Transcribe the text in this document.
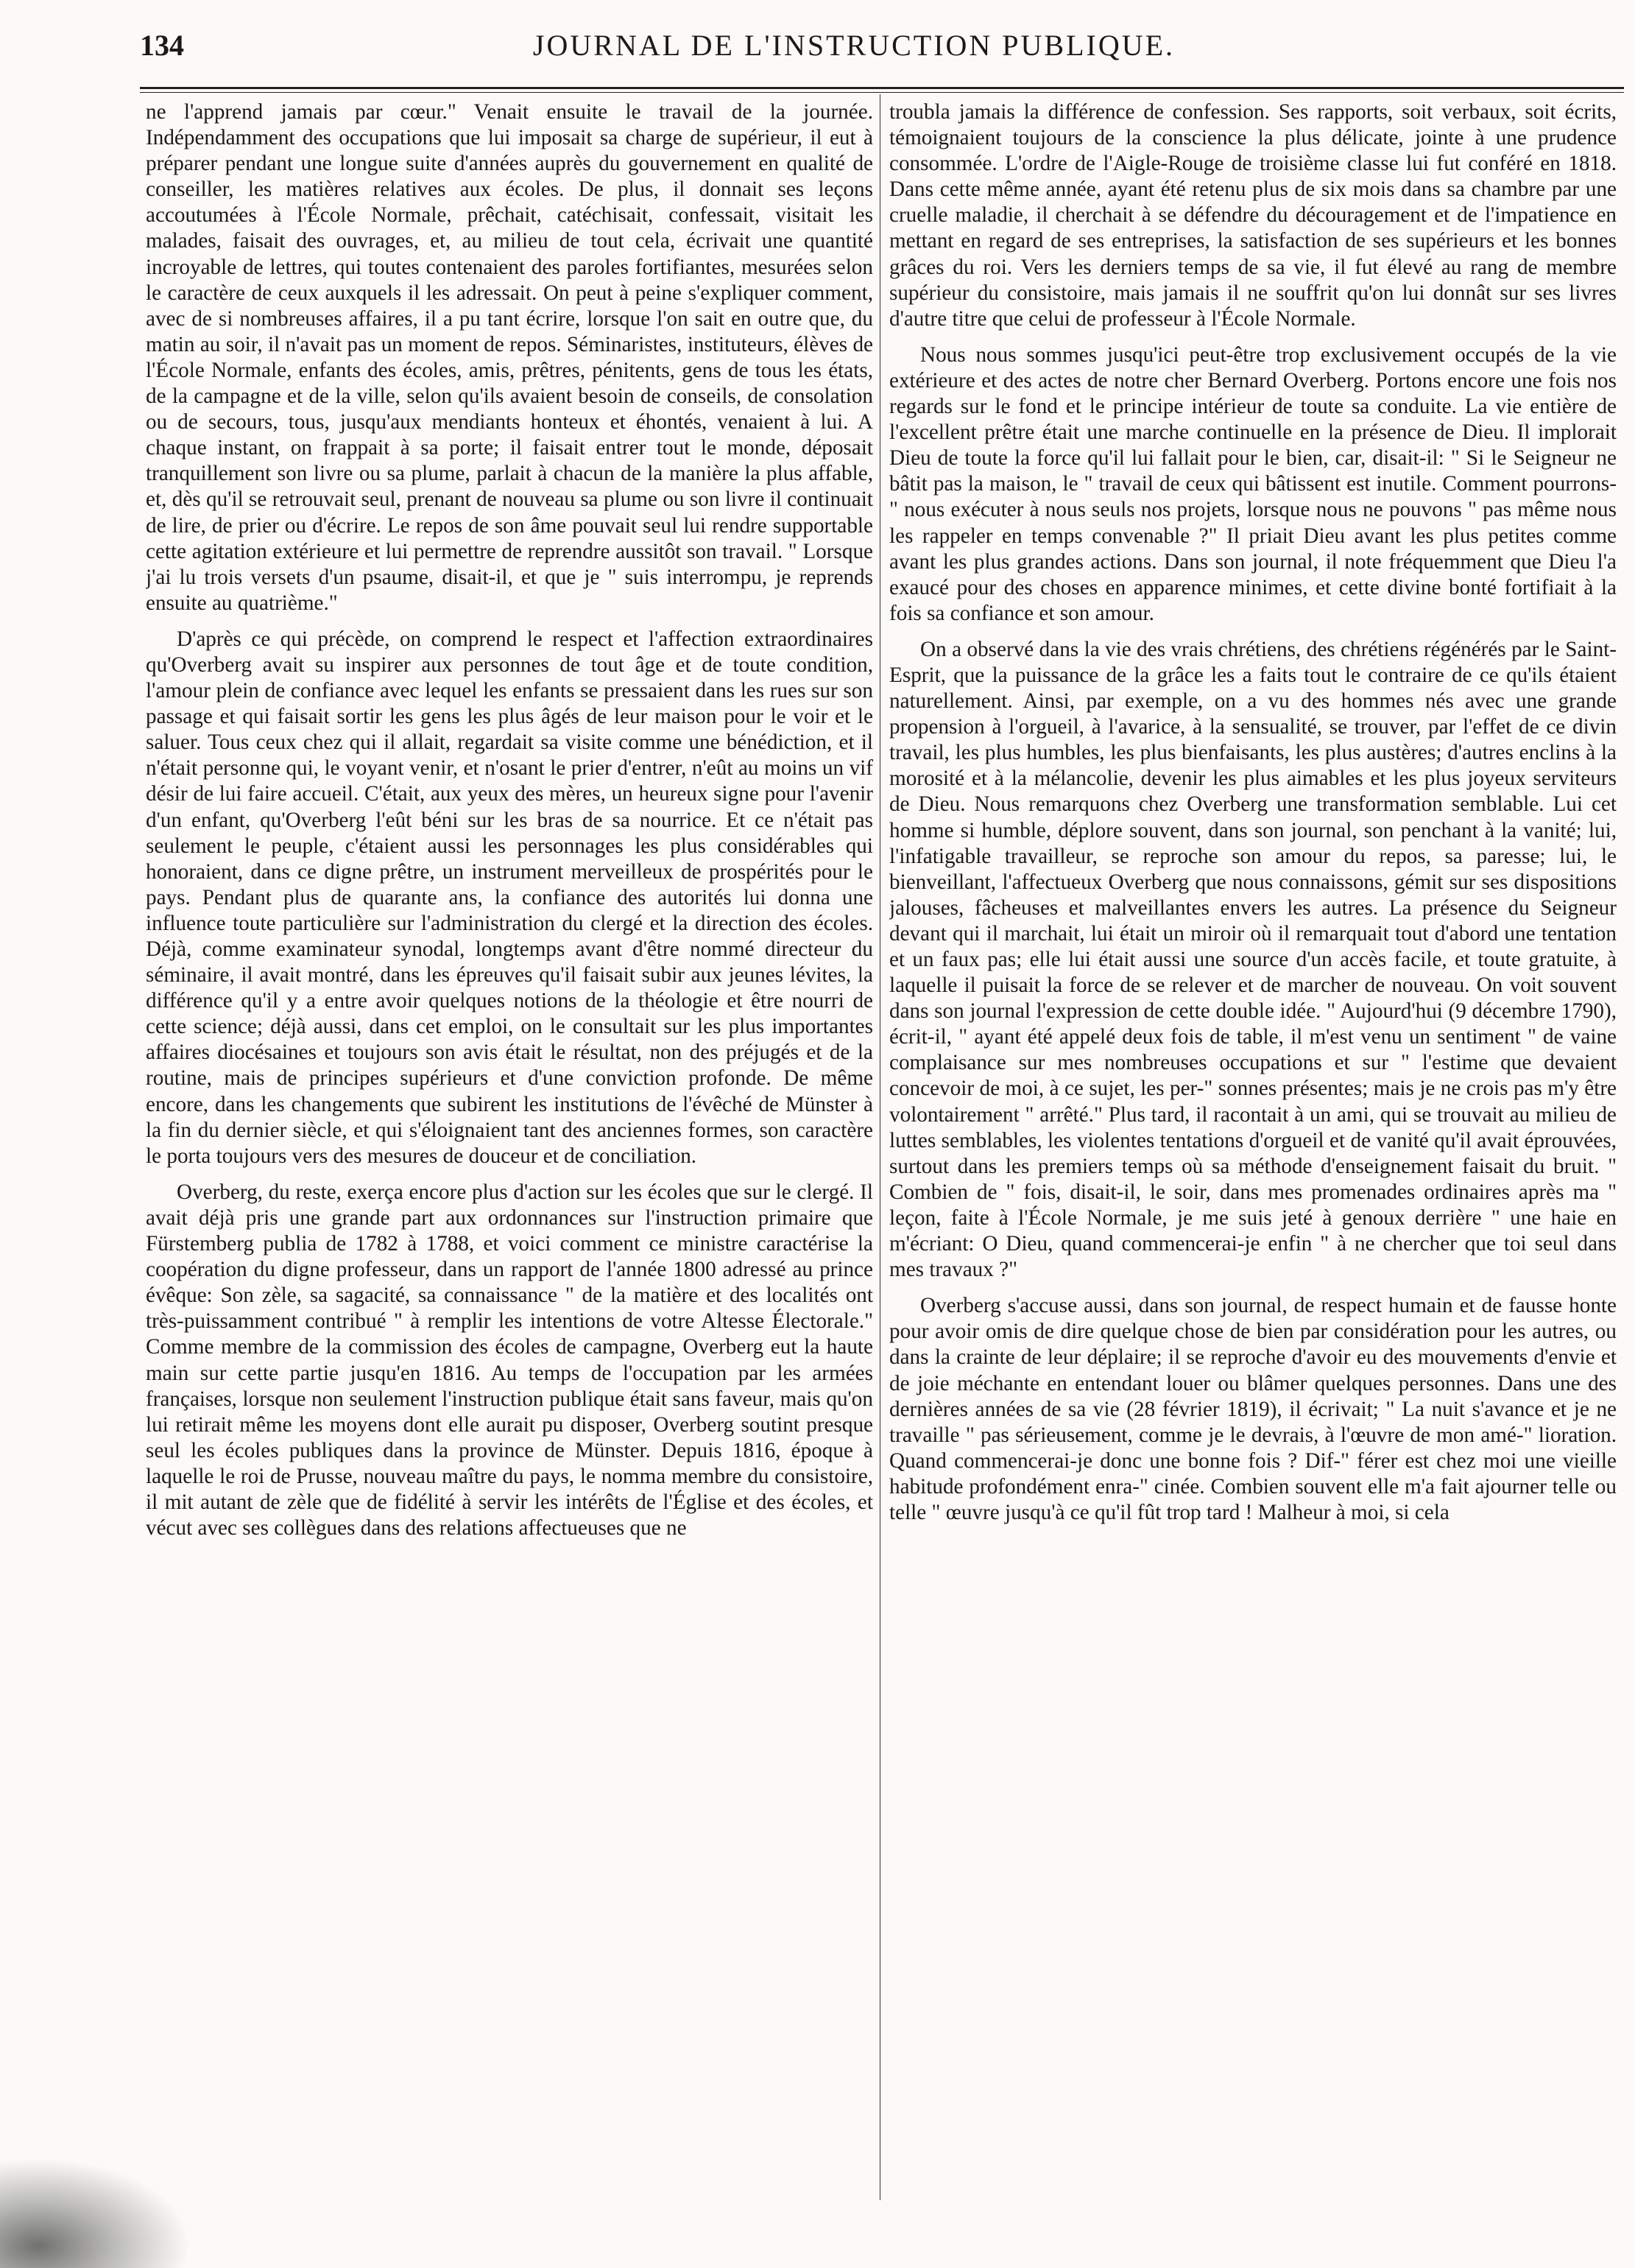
134	JOURNAL DE L'INSTRUCTION PUBLIQUE.

ne l'apprend jamais par cœur." Venait ensuite le travail de la journée. Indépendamment des occupations que lui imposait sa charge de supérieur, il eut à préparer pendant une longue suite d'années auprès du gouvernement en qualité de conseiller, les matières relatives aux écoles. De plus, il donnait ses leçons accoutumées à l'École Normale, prêchait, catéchisait, confessait, visitait les malades, faisait des ouvrages, et, au milieu de tout cela, écrivait une quantité incroyable de lettres, qui toutes contenaient des paroles fortifiantes, mesurées selon le caractère de ceux auxquels il les adressait. On peut à peine s'expliquer comment, avec de si nombreuses affaires, il a pu tant écrire, lorsque l'on sait en outre que, du matin au soir, il n'avait pas un moment de repos. Séminaristes, instituteurs, élèves de l'École Normale, enfants des écoles, amis, prêtres, pénitents, gens de tous les états, de la campagne et de la ville, selon qu'ils avaient besoin de conseils, de consolation ou de secours, tous, jusqu'aux mendiants honteux et éhontés, venaient à lui. A chaque instant, on frappait à sa porte; il faisait entrer tout le monde, déposait tranquillement son livre ou sa plume, parlait à chacun de la manière la plus affable, et, dès qu'il se retrouvait seul, prenant de nouveau sa plume ou son livre il continuait de lire, de prier ou d'écrire. Le repos de son âme pouvait seul lui rendre supportable cette agitation extérieure et lui permettre de reprendre aussitôt son travail. " Lorsque j'ai lu trois versets d'un psaume, disait-il, et que je " suis interrompu, je reprends ensuite au quatrième."

D'après ce qui précède, on comprend le respect et l'affection extraordinaires qu'Overberg avait su inspirer aux personnes de tout âge et de toute condition, l'amour plein de confiance avec lequel les enfants se pressaient dans les rues sur son passage et qui faisait sortir les gens les plus âgés de leur maison pour le voir et le saluer. Tous ceux chez qui il allait, regardait sa visite comme une bénédiction, et il n'était personne qui, le voyant venir, et n'osant le prier d'entrer, n'eût au moins un vif désir de lui faire accueil. C'était, aux yeux des mères, un heureux signe pour l'avenir d'un enfant, qu'Overberg l'eût béni sur les bras de sa nourrice. Et ce n'était pas seulement le peuple, c'étaient aussi les personnages les plus considérables qui honoraient, dans ce digne prêtre, un instrument merveilleux de prospérités pour le pays. Pendant plus de quarante ans, la confiance des autorités lui donna une influence toute particulière sur l'administration du clergé et la direction des écoles. Déjà, comme examinateur synodal, longtemps avant d'être nommé directeur du séminaire, il avait montré, dans les épreuves qu'il faisait subir aux jeunes lévites, la différence qu'il y a entre avoir quelques notions de la théologie et être nourri de cette science; déjà aussi, dans cet emploi, on le consultait sur les plus importantes affaires diocésaines et toujours son avis était le résultat, non des préjugés et de la routine, mais de principes supérieurs et d'une conviction profonde. De même encore, dans les changements que subirent les institutions de l'évêché de Münster à la fin du dernier siècle, et qui s'éloignaient tant des anciennes formes, son caractère le porta toujours vers des mesures de douceur et de conciliation.

Overberg, du reste, exerça encore plus d'action sur les écoles que sur le clergé. Il avait déjà pris une grande part aux ordonnances sur l'instruction primaire que Fürstemberg publia de 1782 à 1788, et voici comment ce ministre caractérise la coopération du digne professeur, dans un rapport de l'année 1800 adressé au prince évêque: Son zèle, sa sagacité, sa connaissance " de la matière et des localités ont très-puissamment contribué " à remplir les intentions de votre Altesse Électorale." Comme membre de la commission des écoles de campagne, Overberg eut la haute main sur cette partie jusqu'en 1816. Au temps de l'occupation par les armées françaises, lorsque non seulement l'instruction publique était sans faveur, mais qu'on lui retirait même les moyens dont elle aurait pu disposer, Overberg soutint presque seul les écoles publiques dans la province de Münster. Depuis 1816, époque à laquelle le roi de Prusse, nouveau maître du pays, le nomma membre du consistoire, il mit autant de zèle que de fidélité à servir les intérêts de l'Église et des écoles, et vécut avec ses collègues dans des relations affectueuses que ne

troubla jamais la différence de confession. Ses rapports, soit verbaux, soit écrits, témoignaient toujours de la conscience la plus délicate, jointe à une prudence consommée. L'ordre de l'Aigle-Rouge de troisième classe lui fut conféré en 1818. Dans cette même année, ayant été retenu plus de six mois dans sa chambre par une cruelle maladie, il cherchait à se défendre du découragement et de l'impatience en mettant en regard de ses entreprises, la satisfaction de ses supérieurs et les bonnes grâces du roi. Vers les derniers temps de sa vie, il fut élevé au rang de membre supérieur du consistoire, mais jamais il ne souffrit qu'on lui donnât sur ses livres d'autre titre que celui de professeur à l'École Normale.

Nous nous sommes jusqu'ici peut-être trop exclusivement occupés de la vie extérieure et des actes de notre cher Bernard Overberg. Portons encore une fois nos regards sur le fond et le principe intérieur de toute sa conduite. La vie entière de l'excellent prêtre était une marche continuelle en la présence de Dieu. Il implorait Dieu de toute la force qu'il lui fallait pour le bien, car, disait-il: " Si le Seigneur ne bâtit pas la maison, le " travail de ceux qui bâtissent est inutile. Comment pourrons-" nous exécuter à nous seuls nos projets, lorsque nous ne pouvons " pas même nous les rappeler en temps convenable ?" Il priait Dieu avant les plus petites comme avant les plus grandes actions. Dans son journal, il note fréquemment que Dieu l'a exaucé pour des choses en apparence minimes, et cette divine bonté fortifiait à la fois sa confiance et son amour.

On a observé dans la vie des vrais chrétiens, des chrétiens régénérés par le Saint-Esprit, que la puissance de la grâce les a faits tout le contraire de ce qu'ils étaient naturellement. Ainsi, par exemple, on a vu des hommes nés avec une grande propension à l'orgueil, à l'avarice, à la sensualité, se trouver, par l'effet de ce divin travail, les plus humbles, les plus bienfaisants, les plus austères; d'autres enclins à la morosité et à la mélancolie, devenir les plus aimables et les plus joyeux serviteurs de Dieu. Nous remarquons chez Overberg une transformation semblable. Lui cet homme si humble, déplore souvent, dans son journal, son penchant à la vanité; lui, l'infatigable travailleur, se reproche son amour du repos, sa paresse; lui, le bienveillant, l'affectueux Overberg que nous connaissons, gémit sur ses dispositions jalouses, fâcheuses et malveillantes envers les autres. La présence du Seigneur devant qui il marchait, lui était un miroir où il remarquait tout d'abord une tentation et un faux pas; elle lui était aussi une source d'un accès facile, et toute gratuite, à laquelle il puisait la force de se relever et de marcher de nouveau. On voit souvent dans son journal l'expression de cette double idée. " Aujourd'hui (9 décembre 1790), écrit-il, " ayant été appelé deux fois de table, il m'est venu un sentiment " de vaine complaisance sur mes nombreuses occupations et sur " l'estime que devaient concevoir de moi, à ce sujet, les per-" sonnes présentes; mais je ne crois pas m'y être volontairement " arrêté." Plus tard, il racontait à un ami, qui se trouvait au milieu de luttes semblables, les violentes tentations d'orgueil et de vanité qu'il avait éprouvées, surtout dans les premiers temps où sa méthode d'enseignement faisait du bruit. " Combien de " fois, disait-il, le soir, dans mes promenades ordinaires après ma " leçon, faite à l'École Normale, je me suis jeté à genoux derrière " une haie en m'écriant: O Dieu, quand commencerai-je enfin " à ne chercher que toi seul dans mes travaux ?"

Overberg s'accuse aussi, dans son journal, de respect humain et de fausse honte pour avoir omis de dire quelque chose de bien par considération pour les autres, ou dans la crainte de leur déplaire; il se reproche d'avoir eu des mouvements d'envie et de joie méchante en entendant louer ou blâmer quelques personnes. Dans une des dernières années de sa vie (28 février 1819), il écrivait; " La nuit s'avance et je ne travaille " pas sérieusement, comme je le devrais, à l'œuvre de mon amé-" lioration. Quand commencerai-je donc une bonne fois ? Dif-" férer est chez moi une vieille habitude profondément enra-" cinée. Combien souvent elle m'a fait ajourner telle ou telle " œuvre jusqu'à ce qu'il fût trop tard ! Malheur à moi, si cela
